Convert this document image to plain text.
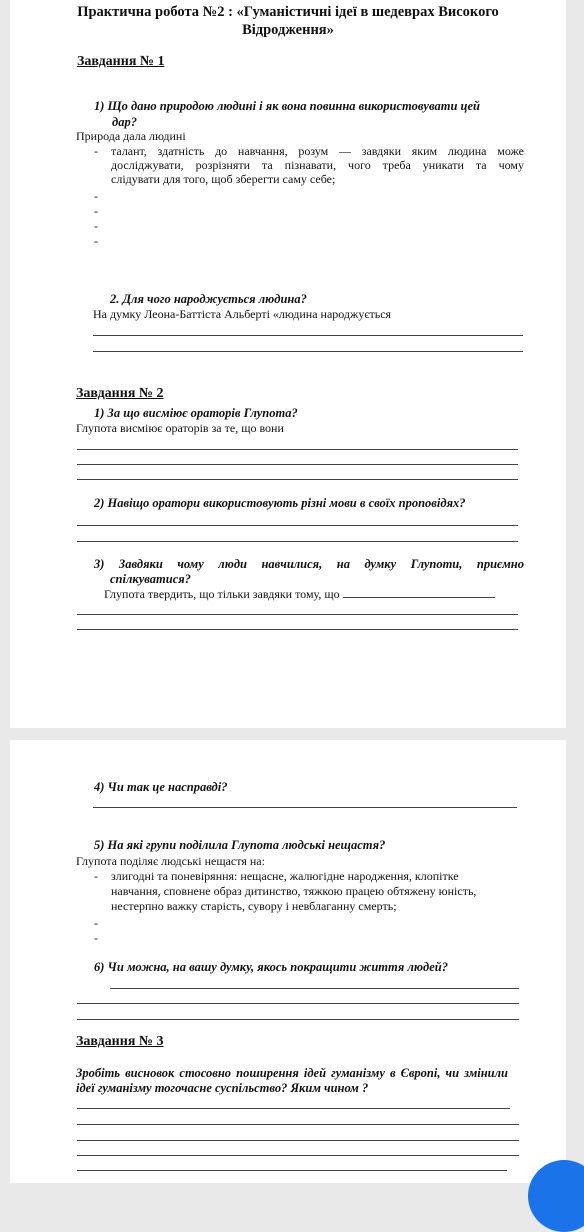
Практична робота №2 : «Гуманістичні ідеї в шедеврах Високого
Відродження»
Завдання № 1
1) Що дано природою людині і як вона повинна використовувати цей
дар?
Природа дала людині
- талант, здатність до навчання, розум — завдяки яким людина може
досліджувати, розрізняти та пізнавати, чого треба уникати та чому
слідувати для того, щоб зберегти саму себе;
-
-
-
-
2. Для чого народжується людина?
На думку Леона-Баттіста Альберті «людина народжується
Завдання № 2
1) За що висміює ораторів Глупота?
Глупота висміює ораторів за те, що вони
2) Навіщо оратори використовують різні мови в своїх проповідях?
3) Завдяки чому люди навчилися, на думку Глупоти, приємно
спілкуватися?
Глупота твердить, що тільки завдяки тому, що
4) Чи так це насправді?
5) На які групи поділила Глупота людські нещастя?
Глупота поділяє людські нещастя на:
- злигодні та поневіряння: нещасне, жалюгідне народження, клопітке
навчання, сповнене образ дитинство, тяжкою працею обтяжену юність,
нестерпно важку старість, сувору і невблаганну смерть;
-
-
6) Чи можна, на вашу думку, якось покращити життя людей?
Завдання № 3
Зробіть висновок стосовно поширення ідей гуманізму в Європі, чи змінили
ідеї гуманізму тогочасне суспільство? Яким чином ?
